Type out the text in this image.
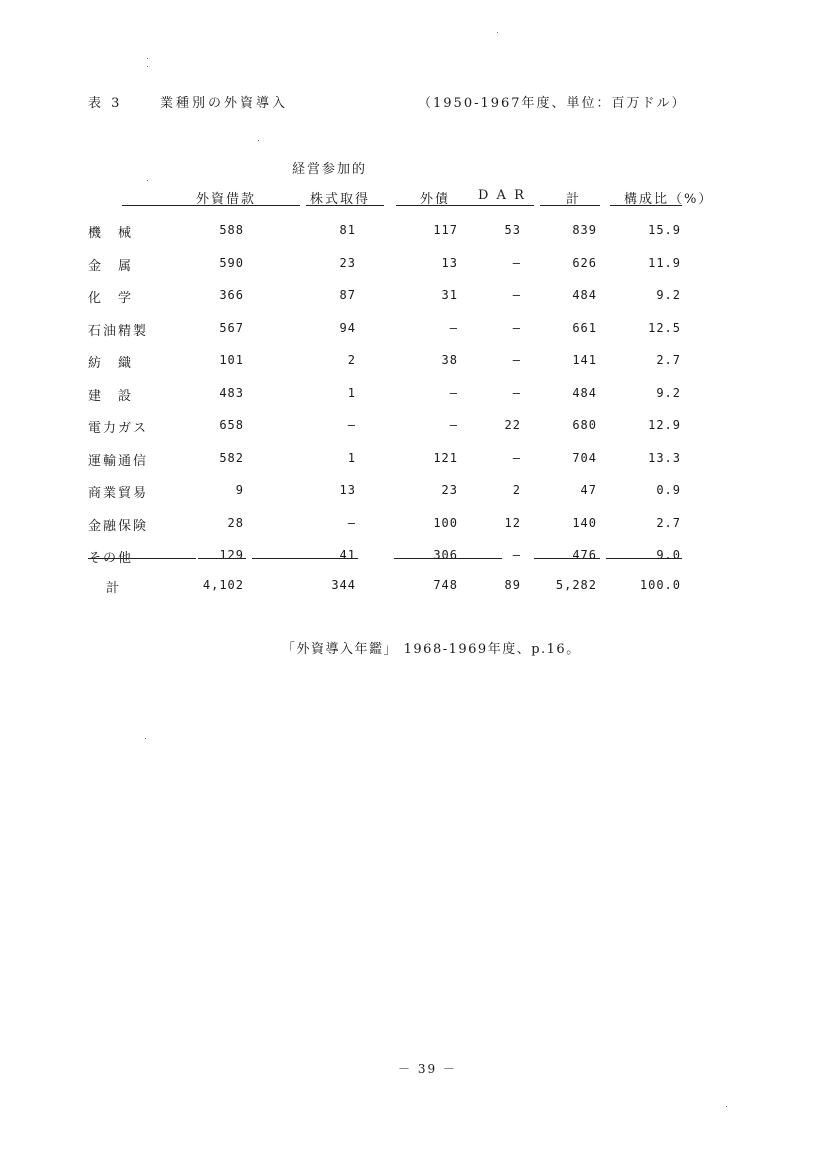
表 3	業種別の外資導入	（1950-1967年度、単位：百万ドル）
経営参加的
外資借款	株式取得	外債 D A R	計	構成比（%）
機　械	588	81	117	53	839	15.9
金　属	590	23	13	–	626	11.9
化　学	366	87	31	–	484	9.2
石油精製	567	94	–	–	661	12.5
紡　織	101	2	38	–	141	2.7
建　設	483	1	–	–	484	9.2
電力ガス	658	–	–	22	680	12.9
運輸通信	582	1	121	–	704	13.3
商業貿易	9	13	23	2	47	0.9
金融保険	28	–	100	12	140	2.7
その他	129	41	306	–	476	9.0
計	4,102	344	748	89	5,282	100.0
「外資導入年鑑」 1968-1969年度、p.16。
－ 39 －
